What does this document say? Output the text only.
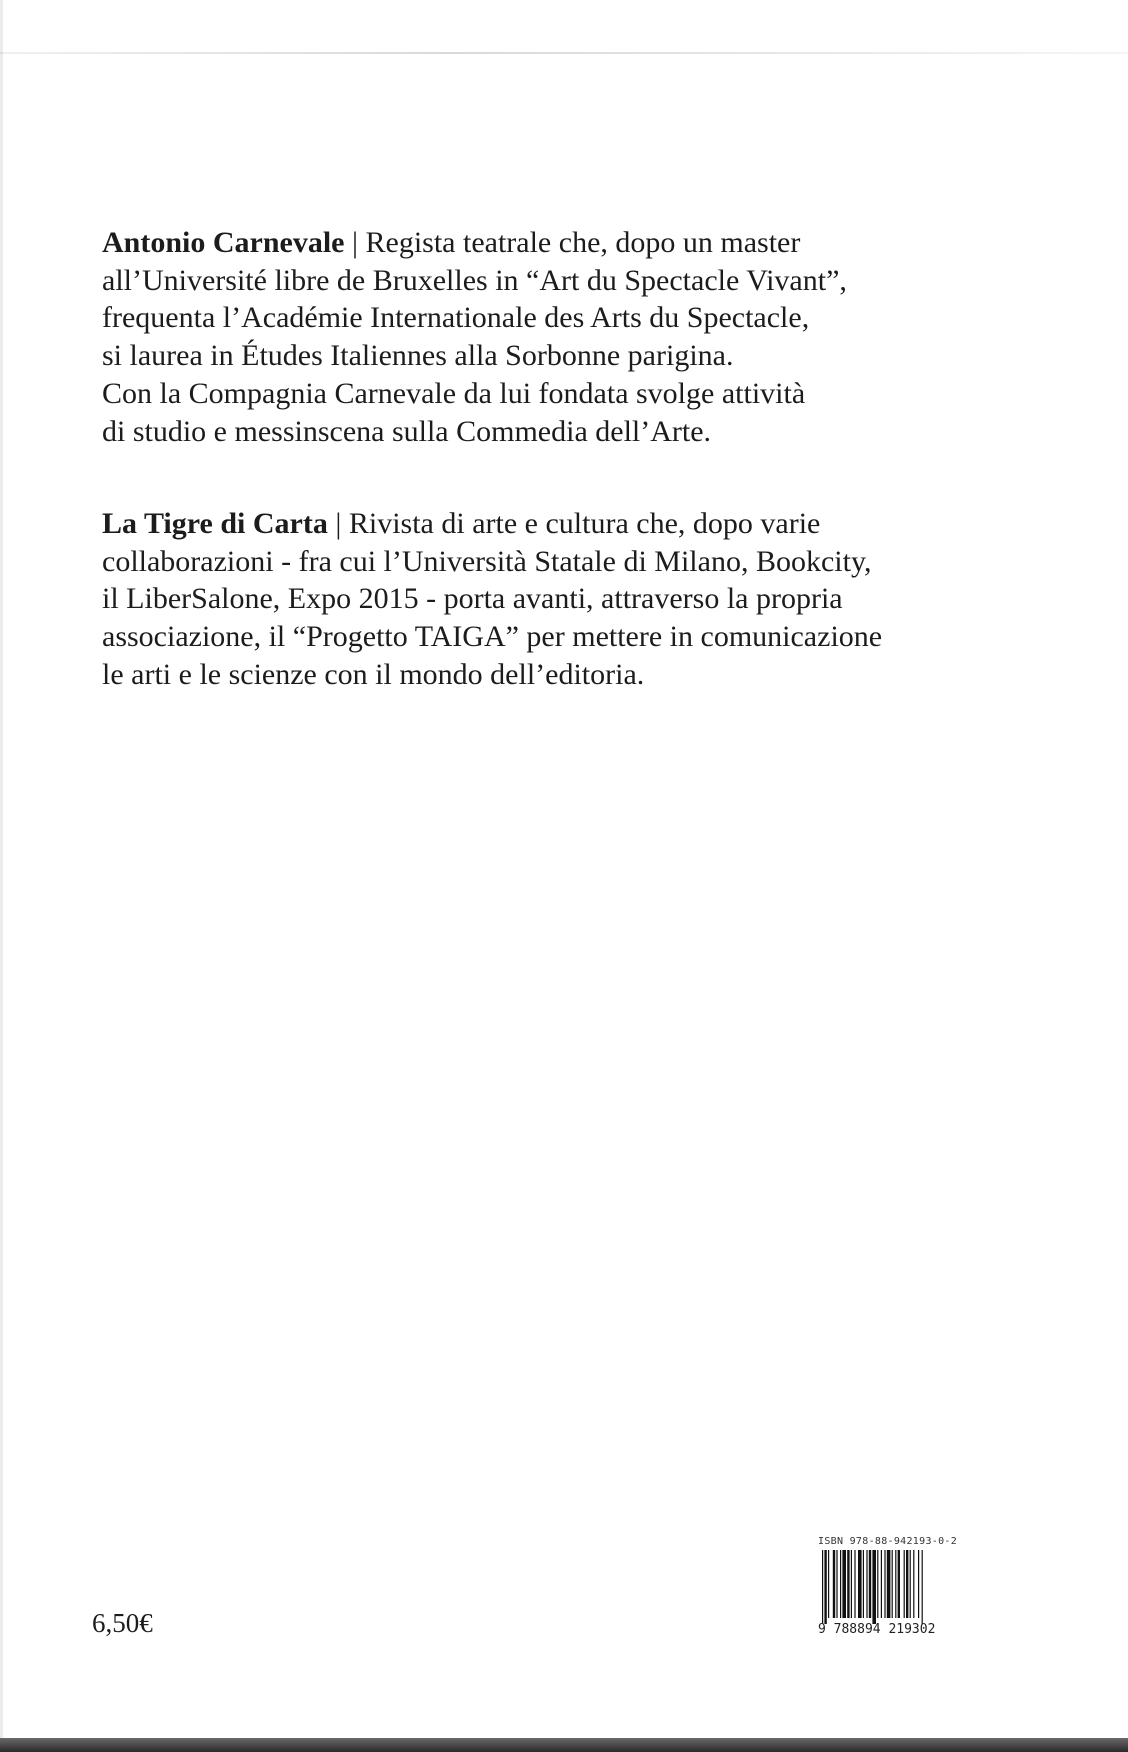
Antonio Carnevale | Regista teatrale che, dopo un master
all’Université libre de Bruxelles in “Art du Spectacle Vivant”,
frequenta l’Académie Internationale des Arts du Spectacle,
si laurea in Études Italiennes alla Sorbonne parigina.
Con la Compagnia Carnevale da lui fondata svolge attività
di studio e messinscena sulla Commedia dell’Arte.
La Tigre di Carta | Rivista di arte e cultura che, dopo varie
collaborazioni - fra cui l’Università Statale di Milano, Bookcity,
il LiberSalone, Expo 2015 - porta avanti, attraverso la propria
associazione, il “Progetto TAIGA” per mettere in comunicazione
le arti e le scienze con il mondo dell’editoria.
6,50€
ISBN 978-88-942193-0-2
9 788894 219302
